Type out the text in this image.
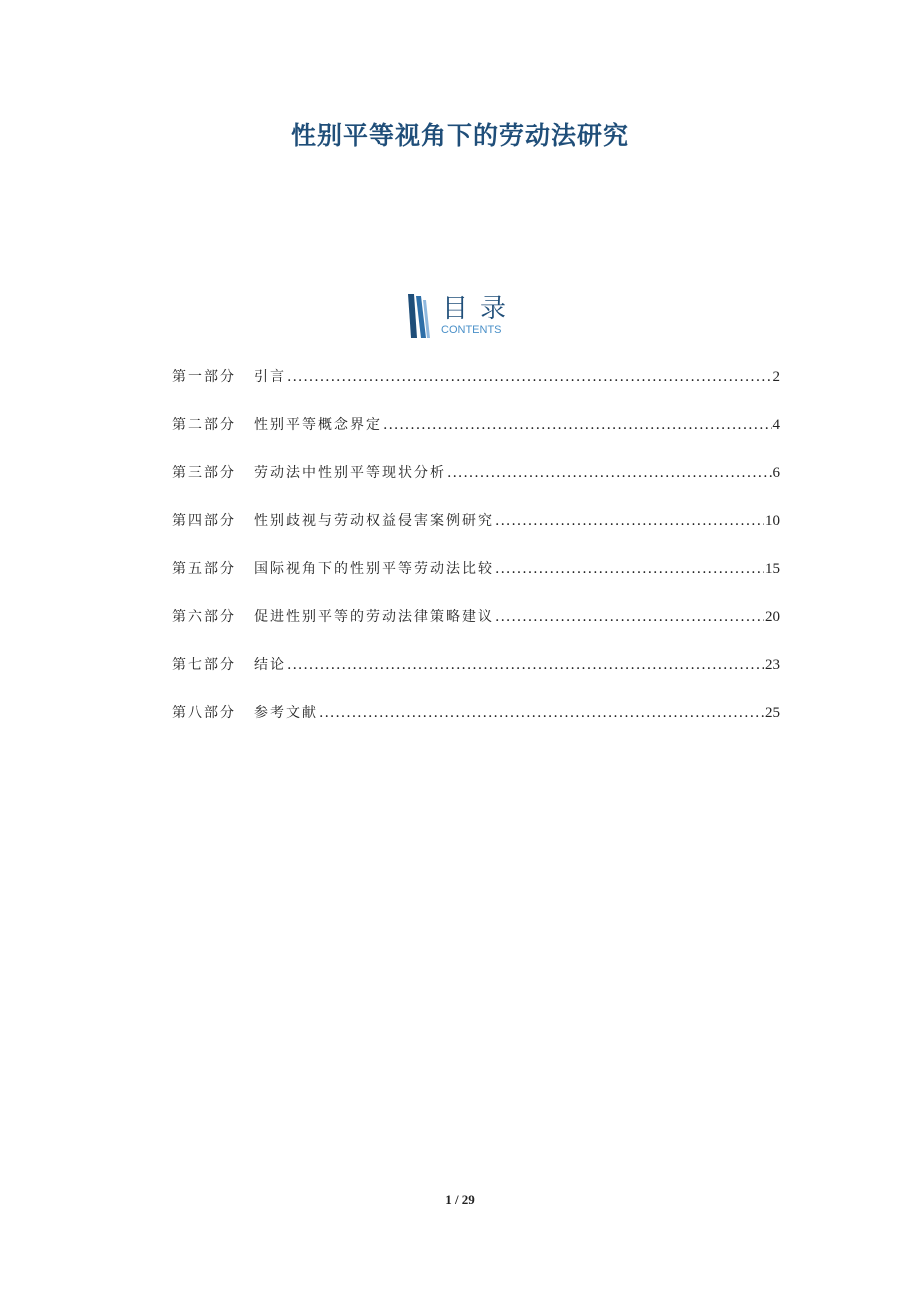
性别平等视角下的劳动法研究
目录
CONTENTS
第一部分	引言 .....	2
第二部分	性别平等概念界定 .....	4
第三部分	劳动法中性别平等现状分析 .....	6
第四部分	性别歧视与劳动权益侵害案例研究 .....	10
第五部分	国际视角下的性别平等劳动法比较 .....	15
第六部分	促进性别平等的劳动法律策略建议 .....	20
第七部分	结论 .....	23
第八部分	参考文献 .....	25
1 / 29
